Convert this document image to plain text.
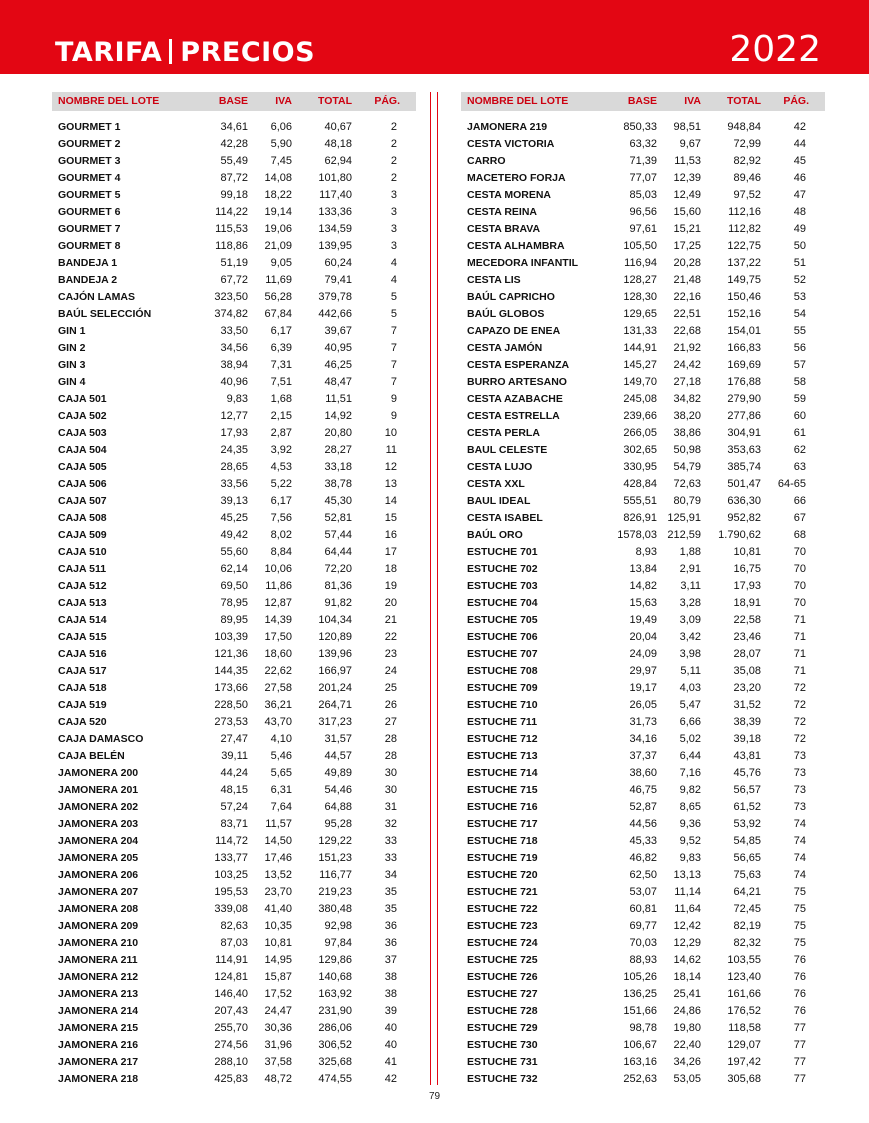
TARIFA PRECIOS	2022
NOMBRE DEL LOTE	BASE	IVA TOTAL PÁG.
GOURMET 1	34,61 6,06	40,67	2
GOURMET 2	42,28 5,90	48,18	2
GOURMET 3	55,49 7,45	62,94	2
GOURMET 4	87,72 14,08 101,80	2
GOURMET 5	99,18 18,22 117,40	3
GOURMET 6	114,22 19,14 133,36	3
GOURMET 7	115,53 19,06 134,59	3
GOURMET 8	118,86 21,09 139,95	3
BANDEJA 1	51,19 9,05	60,24	4
BANDEJA 2	67,72 11,69	79,41	4
CAJÓN LAMAS	323,50 56,28 379,78	5
BAÚL SELECCIÓN	374,82 67,84 442,66	5
GIN 1	33,50 6,17	39,67	7
GIN 2	34,56 6,39	40,95	7
GIN 3	38,94 7,31	46,25	7
GIN 4	40,96 7,51	48,47	7
CAJA 501	9,83 1,68	11,51	9
CAJA 502	12,77 2,15	14,92	9
CAJA 503	17,93 2,87	20,80	10
CAJA 504	24,35 3,92	28,27	11
CAJA 505	28,65 4,53	33,18	12
CAJA 506	33,56 5,22	38,78	13
CAJA 507	39,13 6,17	45,30	14
CAJA 508	45,25 7,56	52,81	15
CAJA 509	49,42 8,02	57,44	16
CAJA 510	55,60 8,84	64,44	17
CAJA 511	62,14 10,06	72,20	18
CAJA 512	69,50 11,86	81,36	19
CAJA 513	78,95 12,87	91,82	20
CAJA 514	89,95 14,39 104,34	21
CAJA 515	103,39 17,50 120,89	22
CAJA 516	121,36 18,60 139,96	23
CAJA 517	144,35 22,62 166,97	24
CAJA 518	173,66 27,58 201,24	25
CAJA 519	228,50 36,21 264,71	26
CAJA 520	273,53 43,70 317,23	27
CAJA DAMASCO	27,47 4,10	31,57	28
CAJA BELÉN	39,11 5,46	44,57	28
JAMONERA 200	44,24 5,65	49,89	30
JAMONERA 201	48,15 6,31	54,46	30
JAMONERA 202	57,24 7,64	64,88	31
JAMONERA 203	83,71 11,57	95,28	32
JAMONERA 204	114,72 14,50 129,22	33
JAMONERA 205	133,77 17,46 151,23	33
JAMONERA 206	103,25 13,52 116,77	34
JAMONERA 207	195,53 23,70 219,23	35
JAMONERA 208	339,08 41,40 380,48	35
JAMONERA 209	82,63 10,35	92,98	36
JAMONERA 210	87,03 10,81	97,84	36
JAMONERA 211	114,91 14,95 129,86	37
JAMONERA 212	124,81 15,87 140,68	38
JAMONERA 213	146,40 17,52 163,92	38
JAMONERA 214	207,43 24,47 231,90	39
JAMONERA 215	255,70 30,36 286,06	40
JAMONERA 216	274,56 31,96 306,52	40
JAMONERA 217	288,10 37,58 325,68	41
JAMONERA 218	425,83 48,72 474,55	42
NOMBRE DEL LOTE	BASE	IVA TOTAL PÁG.
JAMONERA 219	850,33 98,51 948,84	42
CESTA VICTORIA	63,32 9,67	72,99	44
CARRO	71,39 11,53	82,92	45
MACETERO FORJA	77,07 12,39	89,46	46
CESTA MORENA	85,03 12,49	97,52	47
CESTA REINA	96,56 15,60 112,16	48
CESTA BRAVA	97,61 15,21 112,82	49
CESTA ALHAMBRA	105,50 17,25 122,75	50
MECEDORA INFANTIL	116,94 20,28 137,22	51
CESTA LIS	128,27 21,48 149,75	52
BAÚL CAPRICHO	128,30 22,16 150,46	53
BAÚL GLOBOS	129,65 22,51 152,16	54
CAPAZO DE ENEA	131,33 22,68 154,01	55
CESTA JAMÓN	144,91 21,92 166,83	56
CESTA ESPERANZA	145,27 24,42 169,69	57
BURRO ARTESANO	149,70 27,18 176,88	58
CESTA AZABACHE	245,08 34,82 279,90	59
CESTA ESTRELLA	239,66 38,20 277,86	60
CESTA PERLA	266,05 38,86 304,91	61
BAUL CELESTE	302,65 50,98 353,63	62
CESTA LUJO	330,95 54,79 385,74	63
CESTA XXL	428,84 72,63 501,47 64-65
BAUL IDEAL	555,51 80,79 636,30	66
CESTA ISABEL	826,91 125,91 952,82	67
BAÚL ORO	1578,03 212,59 1.790,62	68
ESTUCHE 701	8,93 1,88	10,81	70
ESTUCHE 702	13,84 2,91	16,75	70
ESTUCHE 703	14,82 3,11	17,93	70
ESTUCHE 704	15,63 3,28	18,91	70
ESTUCHE 705	19,49 3,09	22,58	71
ESTUCHE 706	20,04 3,42	23,46	71
ESTUCHE 707	24,09 3,98	28,07	71
ESTUCHE 708	29,97 5,11	35,08	71
ESTUCHE 709	19,17 4,03	23,20	72
ESTUCHE 710	26,05 5,47	31,52	72
ESTUCHE 711	31,73 6,66	38,39	72
ESTUCHE 712	34,16 5,02	39,18	72
ESTUCHE 713	37,37 6,44	43,81	73
ESTUCHE 714	38,60 7,16	45,76	73
ESTUCHE 715	46,75 9,82	56,57	73
ESTUCHE 716	52,87 8,65	61,52	73
ESTUCHE 717	44,56 9,36	53,92	74
ESTUCHE 718	45,33 9,52	54,85	74
ESTUCHE 719	46,82 9,83	56,65	74
ESTUCHE 720	62,50 13,13	75,63	74
ESTUCHE 721	53,07 11,14	64,21	75
ESTUCHE 722	60,81 11,64	72,45	75
ESTUCHE 723	69,77 12,42	82,19	75
ESTUCHE 724	70,03 12,29	82,32	75
ESTUCHE 725	88,93 14,62 103,55	76
ESTUCHE 726	105,26 18,14 123,40	76
ESTUCHE 727	136,25 25,41 161,66	76
ESTUCHE 728	151,66 24,86 176,52	76
ESTUCHE 729	98,78 19,80 118,58	77
ESTUCHE 730	106,67 22,40 129,07	77
ESTUCHE 731	163,16 34,26 197,42	77
ESTUCHE 732	252,63 53,05 305,68	77
79
